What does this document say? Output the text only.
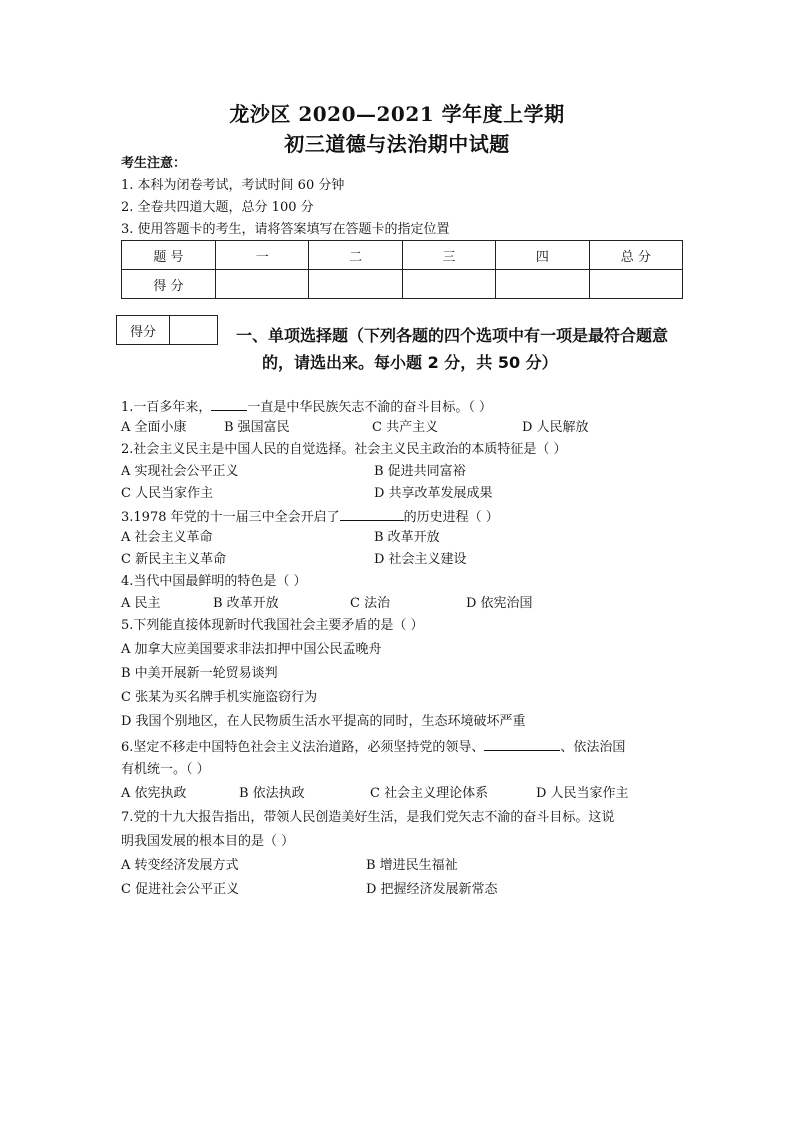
龙沙区 2020—2021 学年度上学期
初三道德与法治期中试题
考生注意：
1. 本科为闭卷考试，考试时间 60 分钟
2. 全卷共四道大题，总分 100 分
3. 使用答题卡的考生，请将答案填写在答题卡的指定位置
题 号	一	二	三	四	总 分
得 分					
得分	一、单项选择题（下列各题的四个选项中有一项是最符合题意
的，请选出来。每小题 2 分，共 50 分）
1.一百多年来，	一直是中华民族矢志不渝的奋斗目标。（ ）
A 全面小康	B 强国富民	C 共产主义	D 人民解放
2.社会主义民主是中国人民的自觉选择。社会主义民主政治的本质特征是（ ）
A 实现社会公平正义	B 促进共同富裕
C 人民当家作主	D 共享改革发展成果
3.1978 年党的十一届三中全会开启了	的历史进程（ ）
A 社会主义革命	B 改革开放
C 新民主主义革命	D 社会主义建设
4.当代中国最鲜明的特色是（ ）
A 民主	B 改革开放	C 法治	D 依宪治国
5.下列能直接体现新时代我国社会主要矛盾的是（ ）
A 加拿大应美国要求非法扣押中国公民孟晚舟
B 中美开展新一轮贸易谈判
C 张某为买名牌手机实施盗窃行为
D 我国个别地区，在人民物质生活水平提高的同时，生态环境破坏严重
6.坚定不移走中国特色社会主义法治道路，必须坚持党的领导、	、依法治国
有机统一。（ ）
A 依宪执政	B 依法执政	C 社会主义理论体系	D 人民当家作主
7.党的十九大报告指出，带领人民创造美好生活，是我们党矢志不渝的奋斗目标。这说
明我国发展的根本目的是（ ）
A 转变经济发展方式	B 增进民生福祉
C 促进社会公平正义	D 把握经济发展新常态
